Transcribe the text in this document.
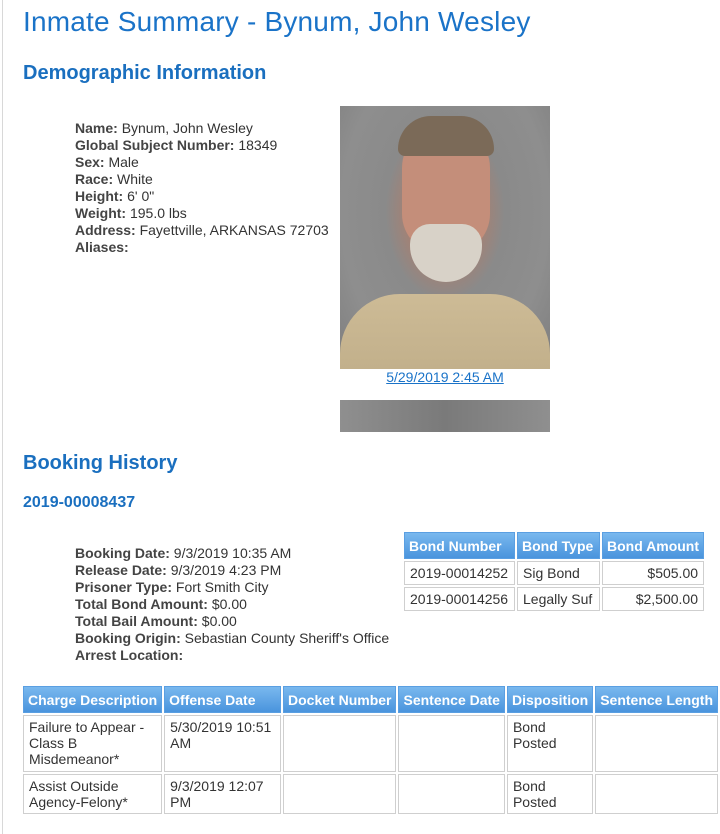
Inmate Summary - Bynum, John Wesley
Demographic Information
Name: Bynum, John Wesley
Global Subject Number: 18349
Sex: Male
Race: White
Height: 6' 0"
Weight: 195.0 lbs
Address: Fayettville, ARKANSAS 72703
Aliases:
5/29/2019 2:45 AM
Booking History
2019-00008437
Booking Date: 9/3/2019 10:35 AM
Release Date: 9/3/2019 4:23 PM
Prisoner Type: Fort Smith City
Total Bond Amount: $0.00
Total Bail Amount: $0.00
Booking Origin: Sebastian County Sheriff's Office
Arrest Location:
Bond Number	Bond Type	Bond Amount
2019-00014252	Sig Bond	$505.00
2019-00014256	Legally Suf	$2,500.00
Charge Description	Offense Date	Docket Number	Sentence Date	Disposition	Sentence Length
Failure to Appear - Class B Misdemeanor*	5/30/2019 10:51 AM			Bond Posted	
Assist Outside Agency-Felony*	9/3/2019 12:07 PM			Bond Posted	
